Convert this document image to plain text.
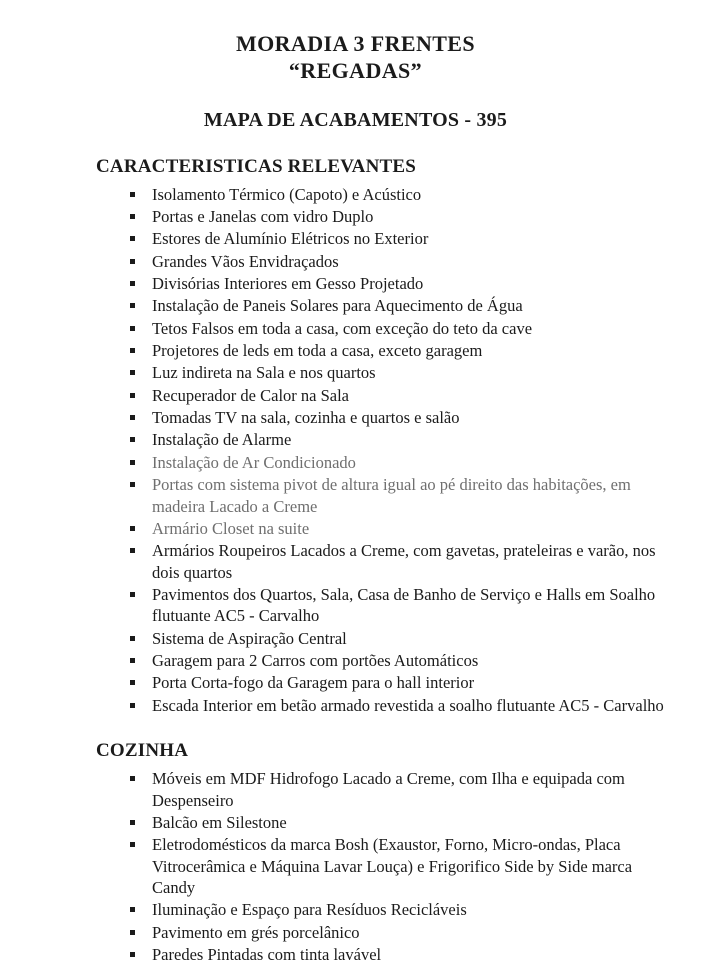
MORADIA 3 FRENTES
“REGADAS”
MAPA DE ACABAMENTOS - 395
CARACTERISTICAS RELEVANTES
Isolamento Térmico (Capoto) e Acústico
Portas e Janelas com vidro Duplo
Estores de Alumínio Elétricos no Exterior
Grandes Vãos Envidraçados
Divisórias Interiores em Gesso Projetado
Instalação de Paneis Solares para Aquecimento de Água
Tetos Falsos em toda a casa, com exceção do teto da cave
Projetores de leds em toda a casa, exceto garagem
Luz indireta na Sala e nos quartos
Recuperador de Calor na Sala
Tomadas TV na sala, cozinha e quartos e salão
Instalação de Alarme
Instalação de Ar Condicionado
Portas com sistema pivot de altura igual ao pé direito das habitações, em madeira Lacado a Creme
Armário Closet na suite
Armários Roupeiros Lacados a Creme, com gavetas, prateleiras e varão, nos dois quartos
Pavimentos dos Quartos, Sala, Casa de Banho de Serviço e Halls em Soalho flutuante AC5 - Carvalho
Sistema de Aspiração Central
Garagem para 2 Carros com portões Automáticos
Porta Corta-fogo da Garagem para o hall interior
Escada Interior em betão armado revestida a soalho flutuante AC5 - Carvalho
COZINHA
Móveis em MDF Hidrofogo Lacado a Creme, com Ilha e equipada com Despenseiro
Balcão em Silestone
Eletrodomésticos da marca Bosh (Exaustor, Forno, Micro-ondas, Placa Vitrocerâmica e Máquina Lavar Louça) e Frigorifico Side by Side marca Candy
Iluminação e Espaço para Resíduos Recicláveis
Pavimento em grés porcelânico
Paredes Pintadas com tinta lavável
